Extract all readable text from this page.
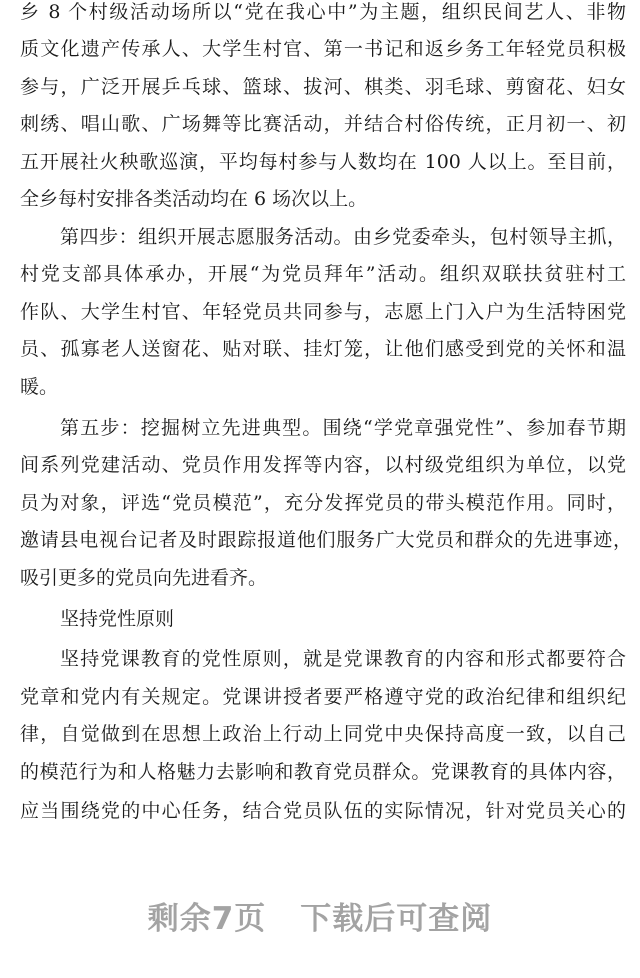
乡 8 个村级活动场所以“党在我心中”为主题，组织民间艺人、非物
质文化遗产传承人、大学生村官、第一书记和返乡务工年轻党员积极
参与，广泛开展乒乓球、篮球、拔河、棋类、羽毛球、剪窗花、妇女
刺绣、唱山歌、广场舞等比赛活动，并结合村俗传统，正月初一、初
五开展社火秧歌巡演，平均每村参与人数均在 100 人以上。至目前，
全乡每村安排各类活动均在 6 场次以上。
第四步：组织开展志愿服务活动。由乡党委牵头，包村领导主抓，
村党支部具体承办，开展“为党员拜年”活动。组织双联扶贫驻村工
作队、大学生村官、年轻党员共同参与，志愿上门入户为生活特困党
员、孤寡老人送窗花、贴对联、挂灯笼，让他们感受到党的关怀和温
暖。
第五步：挖掘树立先进典型。围绕“学党章强党性”、参加春节期
间系列党建活动、党员作用发挥等内容，以村级党组织为单位，以党
员为对象，评选“党员模范”，充分发挥党员的带头模范作用。同时，
邀请县电视台记者及时跟踪报道他们服务广大党员和群众的先进事迹，
吸引更多的党员向先进看齐。
坚持党性原则
坚持党课教育的党性原则，就是党课教育的内容和形式都要符合
党章和党内有关规定。党课讲授者要严格遵守党的政治纪律和组织纪
律，自觉做到在思想上政治上行动上同党中央保持高度一致，以自己
的模范行为和人格魅力去影响和教育党员群众。党课教育的具体内容，
应当围绕党的中心任务，结合党员队伍的实际情况，针对党员关心的
剩余7页 下载后可查阅
